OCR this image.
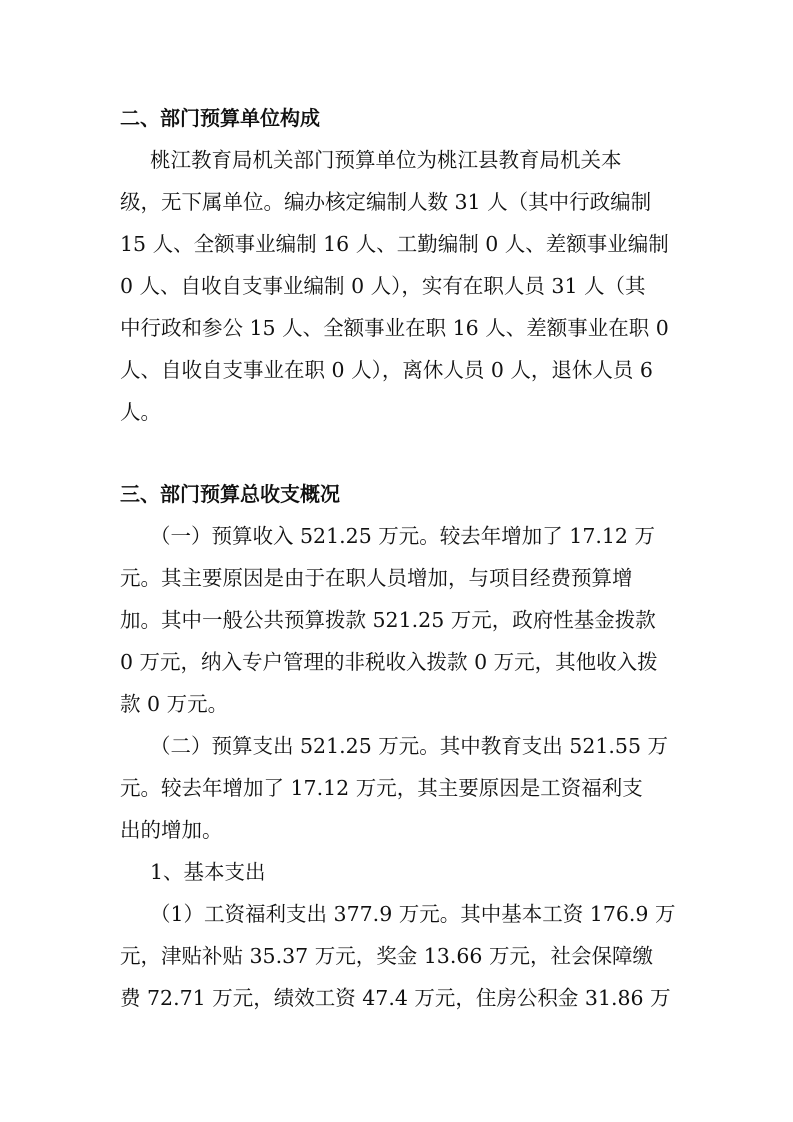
二、部门预算单位构成
桃江教育局机关部门预算单位为桃江县教育局机关本
级，无下属单位。编办核定编制人数 31 人（其中行政编制
15 人、全额事业编制 16 人、工勤编制 0 人、差额事业编制
0 人、自收自支事业编制 0 人），实有在职人员 31 人（其
中行政和参公 15 人、全额事业在职 16 人、差额事业在职 0
人、自收自支事业在职 0 人），离休人员 0 人，退休人员 6
人。
三、部门预算总收支概况
（一）预算收入 521.25 万元。较去年增加了 17.12 万
元。其主要原因是由于在职人员增加，与项目经费预算增
加。其中一般公共预算拨款 521.25 万元，政府性基金拨款
0 万元，纳入专户管理的非税收入拨款 0 万元，其他收入拨
款 0 万元。
（二）预算支出 521.25 万元。其中教育支出 521.55 万
元。较去年增加了 17.12 万元，其主要原因是工资福利支
出的增加。
1、基本支出
（1）工资福利支出 377.9 万元。其中基本工资 176.9 万
元，津贴补贴 35.37 万元，奖金 13.66 万元，社会保障缴
费 72.71 万元，绩效工资 47.4 万元，住房公积金 31.86 万
